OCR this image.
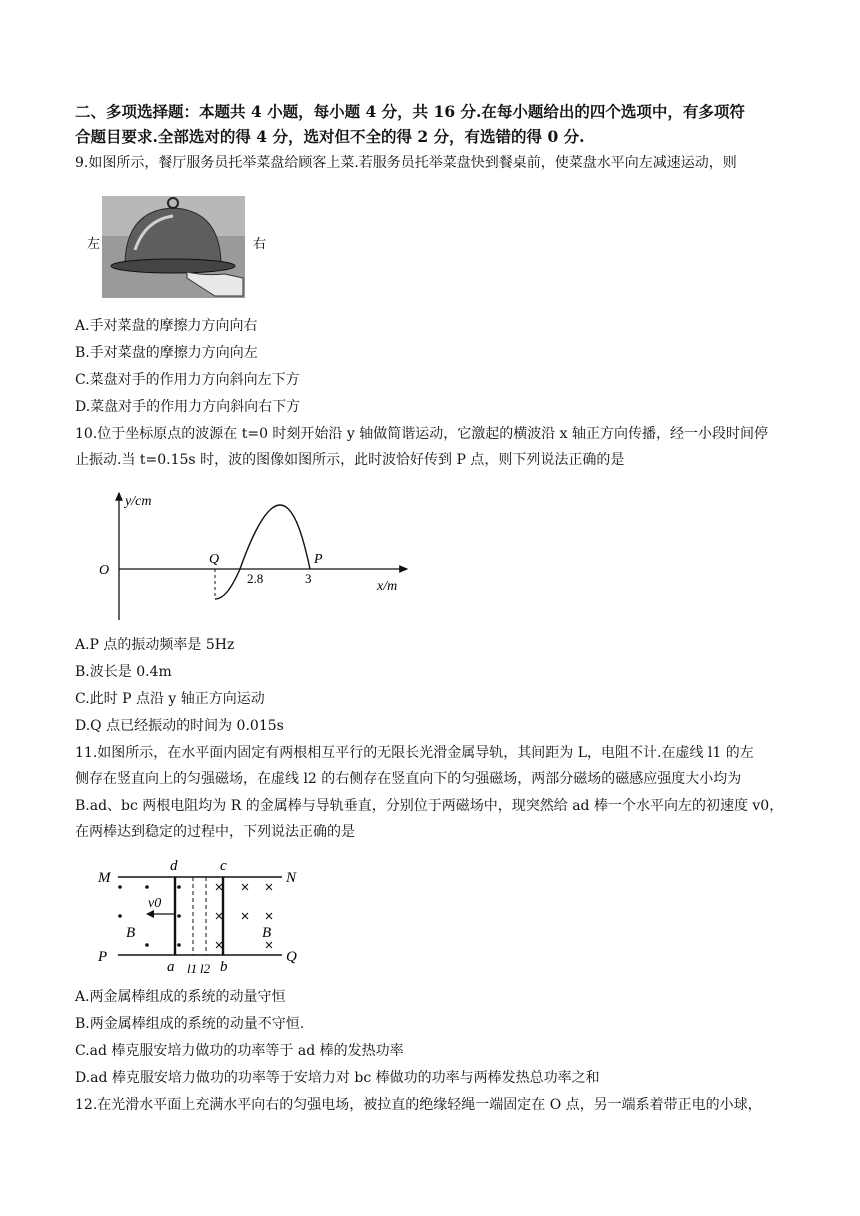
二、多项选择题：本题共 4 小题，每小题 4 分，共 16 分.在每小题给出的四个选项中，有多项符
合题目要求.全部选对的得 4 分，选对但不全的得 2 分，有选错的得 0 分.
9.如图所示，餐厅服务员托举菜盘给顾客上菜.若服务员托举菜盘快到餐桌前，使菜盘水平向左减速运动，则
左	右
A.手对菜盘的摩擦力方向向右
B.手对菜盘的摩擦力方向向左
C.菜盘对手的作用力方向斜向左下方
D.菜盘对手的作用力方向斜向右下方
10.位于坐标原点的波源在 t=0 时刻开始沿 y 轴做简谐运动，它激起的横波沿 x 轴正方向传播，经一小段时间停
止振动.当 t=0.15s 时，波的图像如图所示，此时波恰好传到 P 点，则下列说法正确的是
y/cm
x/m
O
Q	P
2.8	3
A.P 点的振动频率是 5Hz
B.波长是 0.4m
C.此时 P 点沿 y 轴正方向运动
D.Q 点已经振动的时间为 0.015s
11.如图所示，在水平面内固定有两根相互平行的无限长光滑金属导轨，其间距为 L，电阻不计.在虚线 l1 的左
侧存在竖直向上的匀强磁场，在虚线 l2 的右侧存在竖直向下的匀强磁场，两部分磁场的磁感应强度大小均为
B.ad、bc 两根电阻均为 R 的金属棒与导轨垂直，分别位于两磁场中，现突然给 ad 棒一个水平向左的初速度 v0，
在两棒达到稳定的过程中，下列说法正确的是
M	N
P	Q
d	c
a	b
l1 l2
v0
B	B
A.两金属棒组成的系统的动量守恒
B.两金属棒组成的系统的动量不守恒.
C.ad 棒克服安培力做功的功率等于 ad 棒的发热功率
D.ad 棒克服安培力做功的功率等于安培力对 bc 棒做功的功率与两棒发热总功率之和
12.在光滑水平面上充满水平向右的匀强电场，被拉直的绝缘轻绳一端固定在 O 点，另一端系着带正电的小球，
